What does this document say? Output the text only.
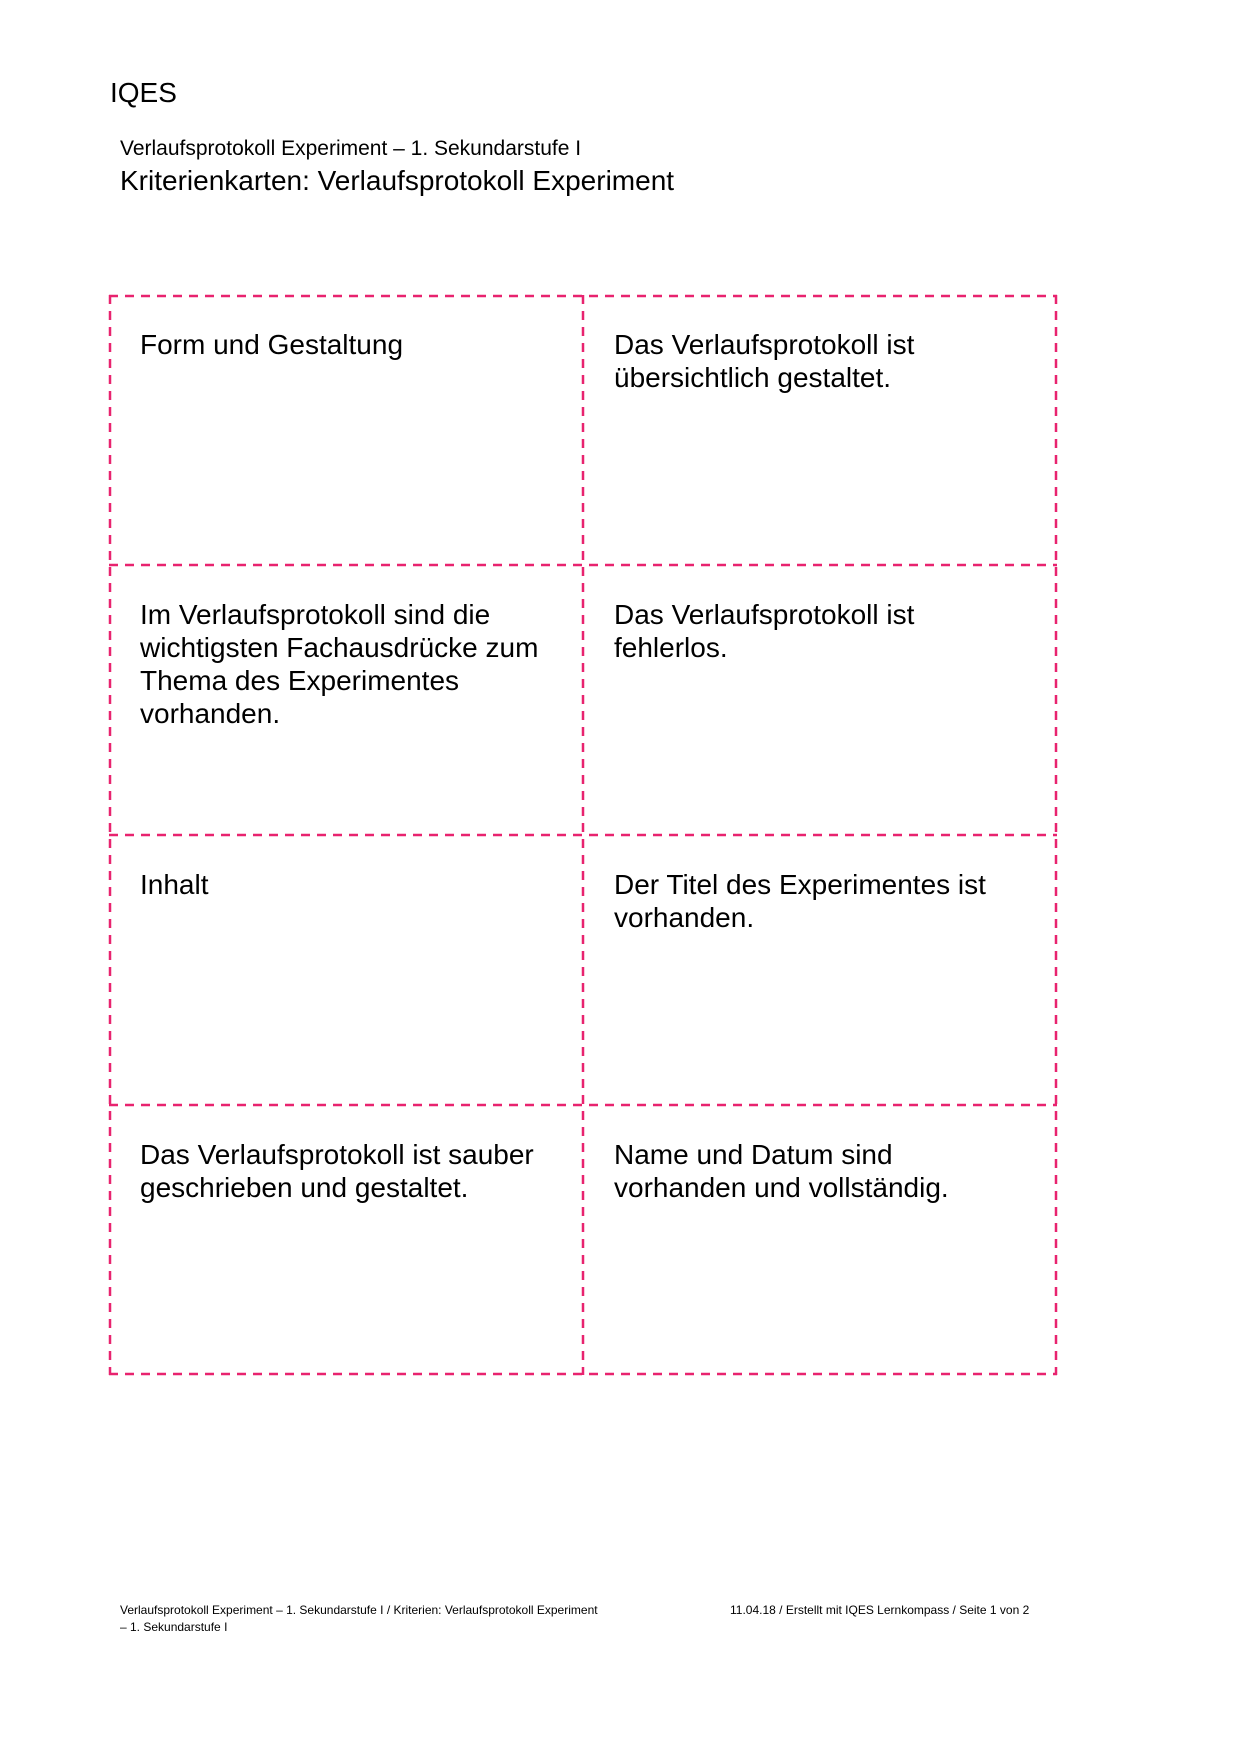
IQES
Verlaufsprotokoll Experiment – 1. Sekundarstufe I
Kriterienkarten: Verlaufsprotokoll Experiment

Form und Gestaltung	Das Verlaufsprotokoll ist übersichtlich gestaltet.

Im Verlaufsprotokoll sind die wichtigsten Fachausdrücke zum Thema des Experimentes vorhanden.

Das Verlaufsprotokoll ist fehlerlos.

Inhalt	Der Titel des Experimentes ist vorhanden.

Das Verlaufsprotokoll ist sauber geschrieben und gestaltet.

Name und Datum sind vorhanden und vollständig.

Verlaufsprotokoll Experiment – 1. Sekundarstufe I / Kriterien: Verlaufsprotokoll Experiment – 1. Sekundarstufe I
11.04.18 / Erstellt mit IQES Lernkompass / Seite 1 von 2
